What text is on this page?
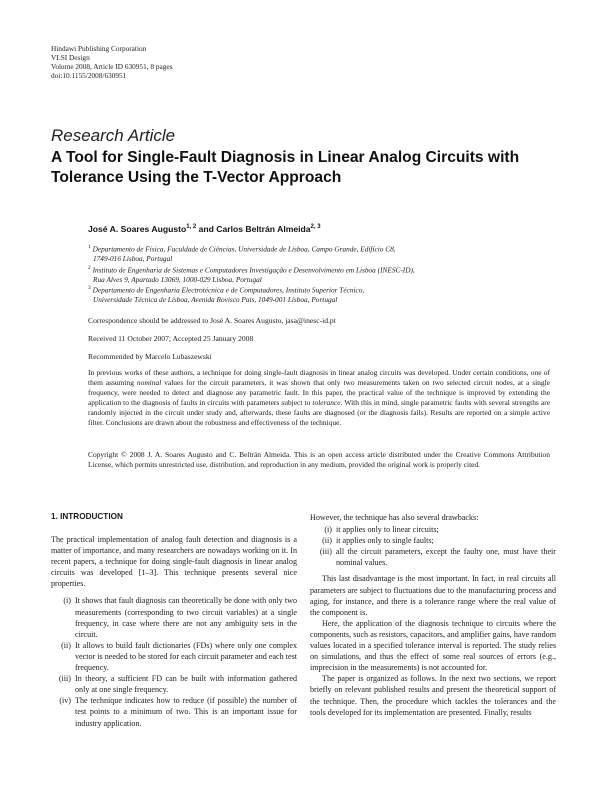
Hindawi Publishing Corporation
VLSI Design
Volume 2008, Article ID 630951, 8 pages
doi:10.1155/2008/630951
Research Article
A Tool for Single-Fault Diagnosis in Linear Analog Circuits with
Tolerance Using the T-Vector Approach
José A. Soares Augusto$^{1, 2}$ and Carlos Beltrán Almeida$^{2, 3}$
$^1$ Departamento de Física, Faculdade de Ciências, Universidade de Lisboa, Campo Grande, Edifício C8,
1749-016 Lisboa, Portugal
$^2$ Instituto de Engenharia de Sistemas e Computadores Investigação e Desenvolvimento em Lisboa (INESC-ID),
Rua Alves 9, Apartado 13069, 1000-029 Lisboa, Portugal
$^3$ Departamento de Engenharia Electrotécnica e de Computadores, Instituto Superior Técnico,
Universidade Técnica de Lisboa, Avenida Rovisco Pais, 1049-001 Lisboa, Portugal
Correspondence should be addressed to José A. Soares Augusto, jasa@inesc-id.pt
Received 11 October 2007; Accepted 25 January 2008
Recommended by Marcelo Lubaszewski
In previous works of these authors, a technique for doing single-fault diagnosis in linear analog circuits was developed. Under certain conditions, one of them assuming nominal values for the circuit parameters, it was shown that only two measurements taken on two selected circuit nodes, at a single frequency, were needed to detect and diagnose any parametric fault. In this paper, the practical value of the technique is improved by extending the application to the diagnosis of faults in circuits with parameters subject to tolerance. With this in mind, single parametric faults with several strengths are randomly injected in the circuit under study and, afterwards, these faults are diagnosed (or the diagnosis fails). Results are reported on a simple active filter. Conclusions are drawn about the robustness and effectiveness of the technique.
Copyright © 2008 J. A. Soares Augusto and C. Beltrán Almeida. This is an open access article distributed under the Creative Commons Attribution License, which permits unrestricted use, distribution, and reproduction in any medium, provided the original work is properly cited.
1. INTRODUCTION

The practical implementation of analog fault detection and diagnosis is a matter of importance, and many researchers are nowadays working on it. In recent papers, a technique for doing single-fault diagnosis in linear analog circuits was developed [1–3]. This technique presents several nice properties.

(i) It shows that fault diagnosis can theoretically be done with only two measurements (corresponding to two circuit variables) at a single frequency, in case where there are not any ambiguity sets in the circuit.
(ii) It allows to build fault dictionaries (FDs) where only one complex vector is needed to be stored for each circuit parameter and each test frequency.
(iii) In theory, a sufficient FD can be built with information gathered only at one single frequency.
(iv) The technique indicates how to reduce (if possible) the number of test points to a minimum of two. This is an important issue for industry application.

However, the technique has also several drawbacks:

(i) it applies only to linear circuits;
(ii) it applies only to single faults;
(iii) all the circuit parameters, except the faulty one, must have their nominal values.

This last disadvantage is the most important. In fact, in real circuits all parameters are subject to fluctuations due to the manufacturing process and aging, for instance, and there is a tolerance range where the real value of the component is.

Here, the application of the diagnosis technique to circuits where the components, such as resistors, capacitors, and amplifier gains, have random values located in a specified tolerance interval is reported. The study relies on simulations, and thus the effect of some real sources of errors (e.g., imprecision in the measurements) is not accounted for.

The paper is organized as follows. In the next two sections, we report briefly on relevant published results and present the theoretical support of the technique. Then, the procedure which tackles the tolerances and the tools developed for its implementation are presented. Finally, results
